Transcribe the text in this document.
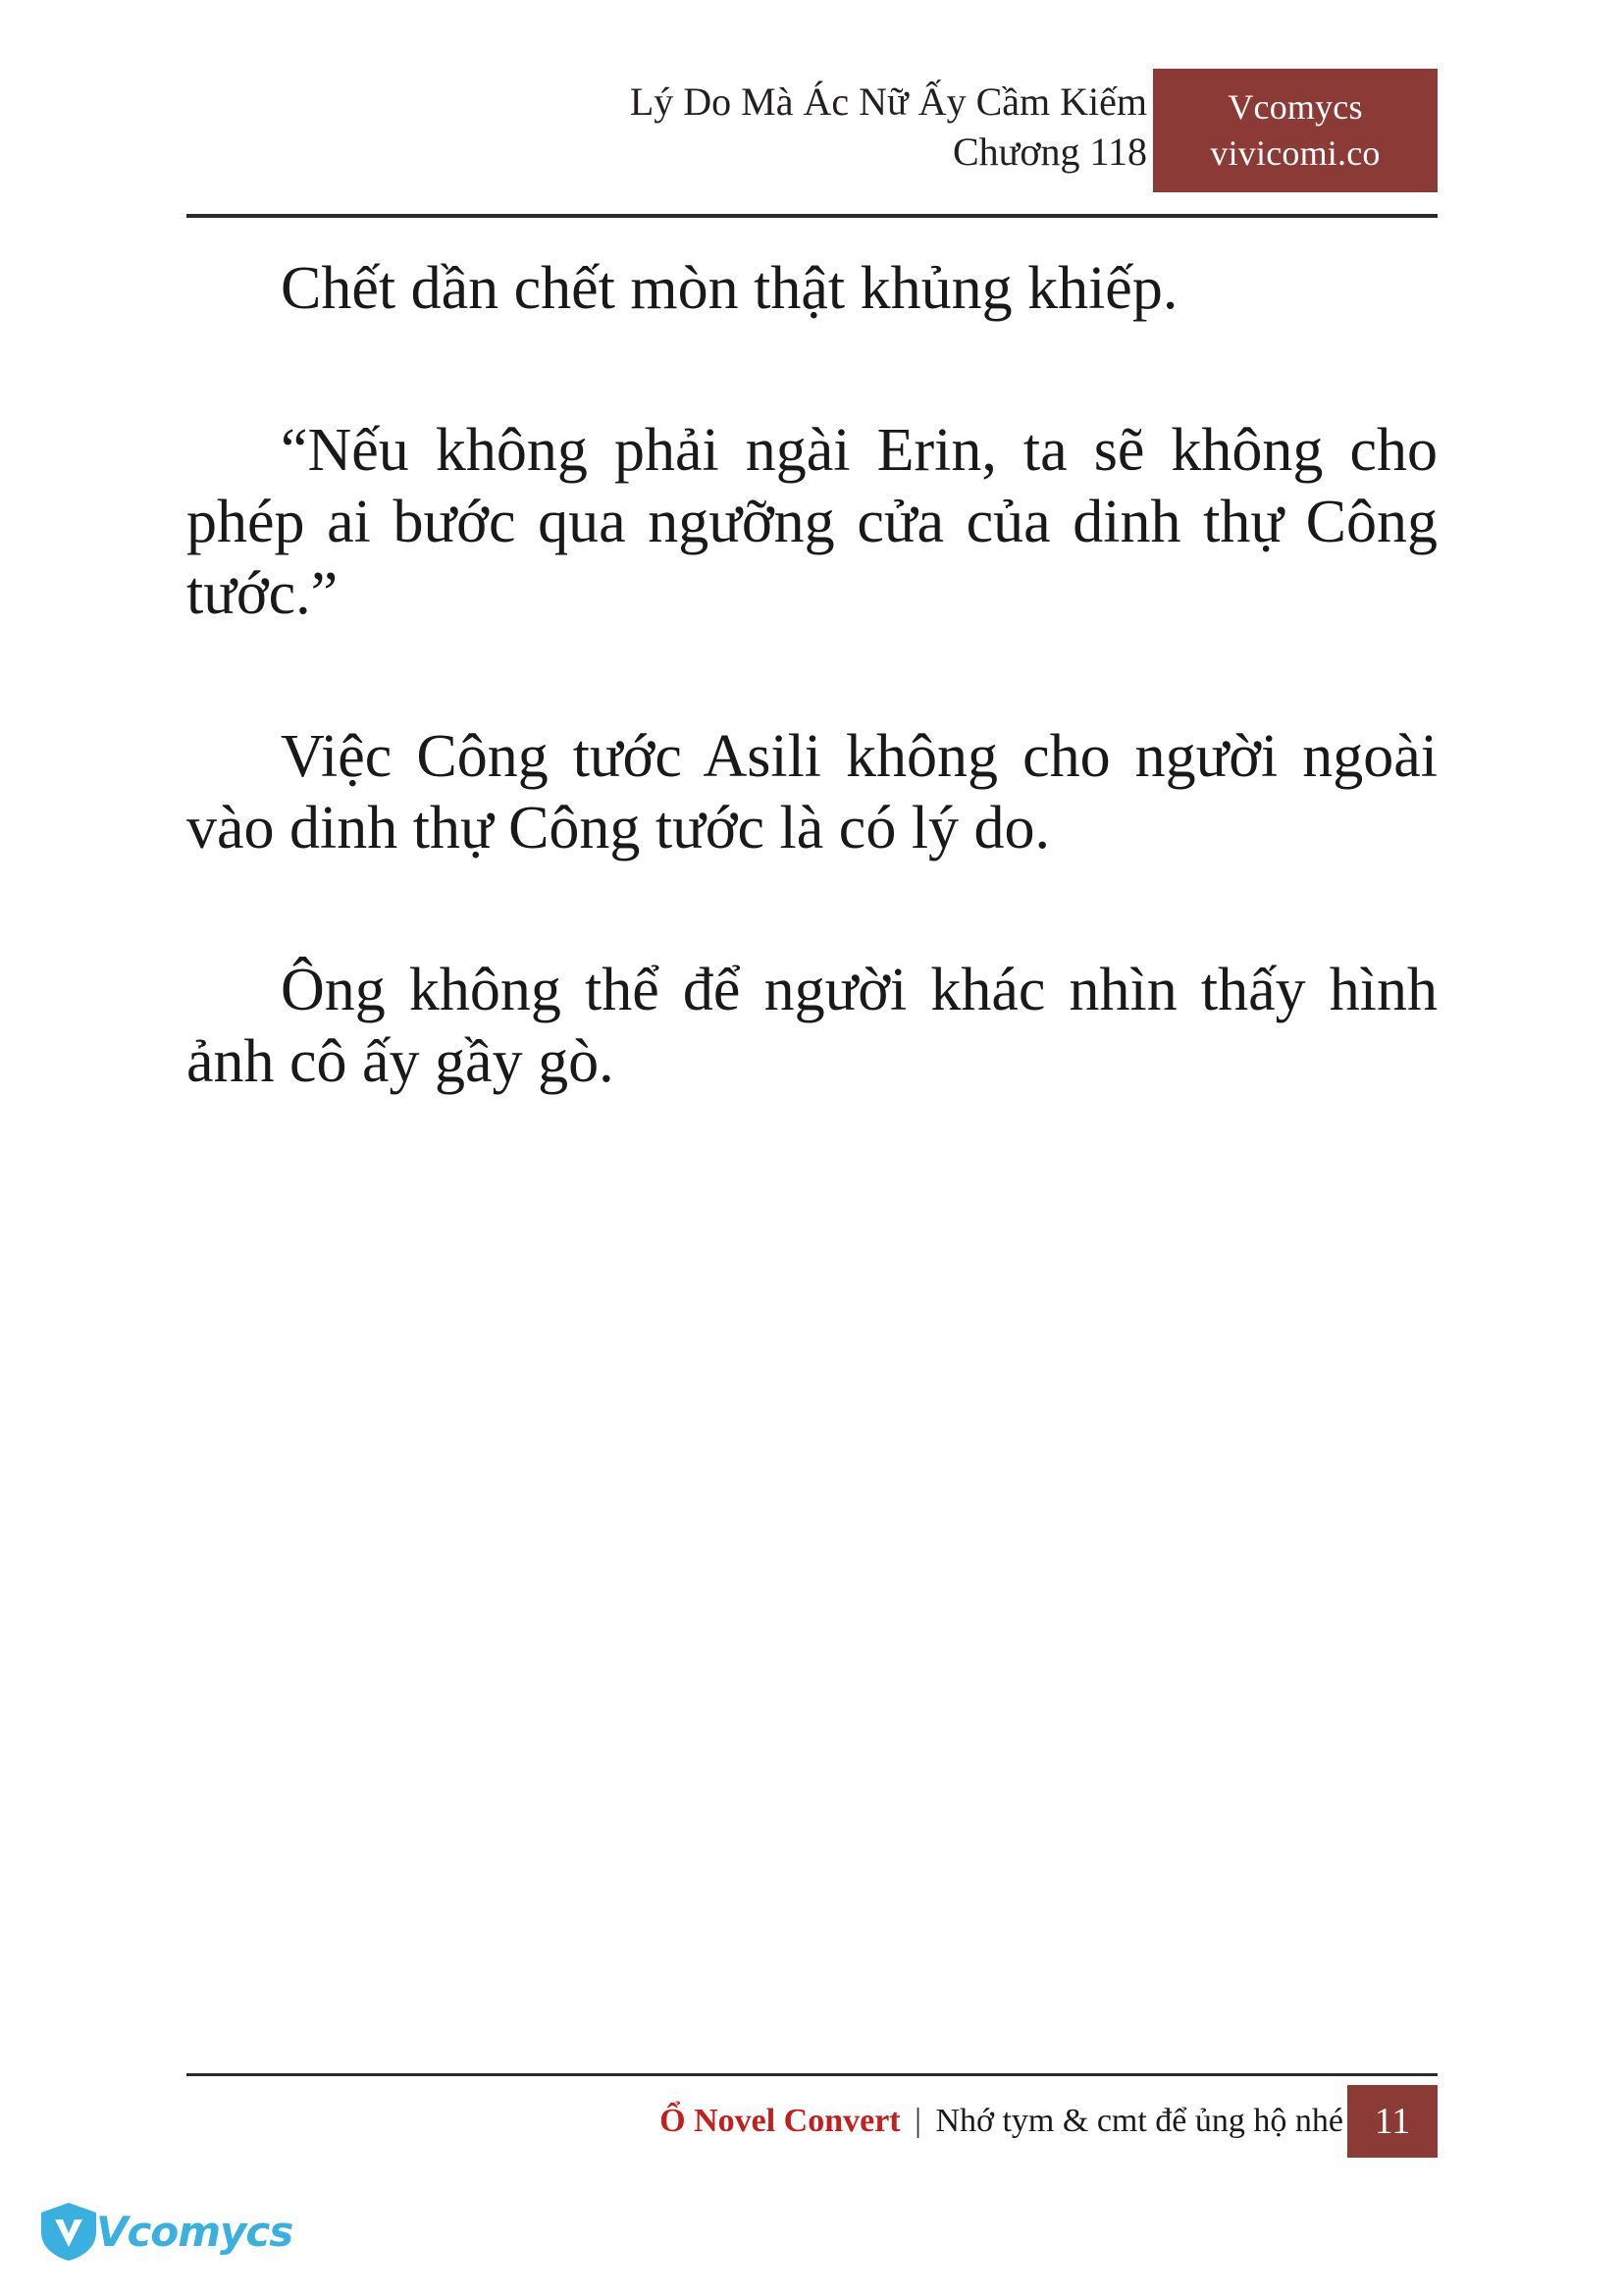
Lý Do Mà Ác Nữ Ấy Cầm Kiếm
Chương 118
Vcomycs
vivicomi.co

Chết dần chết mòn thật khủng khiếp.

“Nếu không phải ngài Erin, ta sẽ không cho phép ai bước qua ngưỡng cửa của dinh thự Công tước.”

Việc Công tước Asili không cho người ngoài vào dinh thự Công tước là có lý do.

Ông không thể để người khác nhìn thấy hình ảnh cô ấy gầy gò.

Ổ Novel Convert | Nhớ tym & cmt để ủng hộ nhé 11
Vcomycs
